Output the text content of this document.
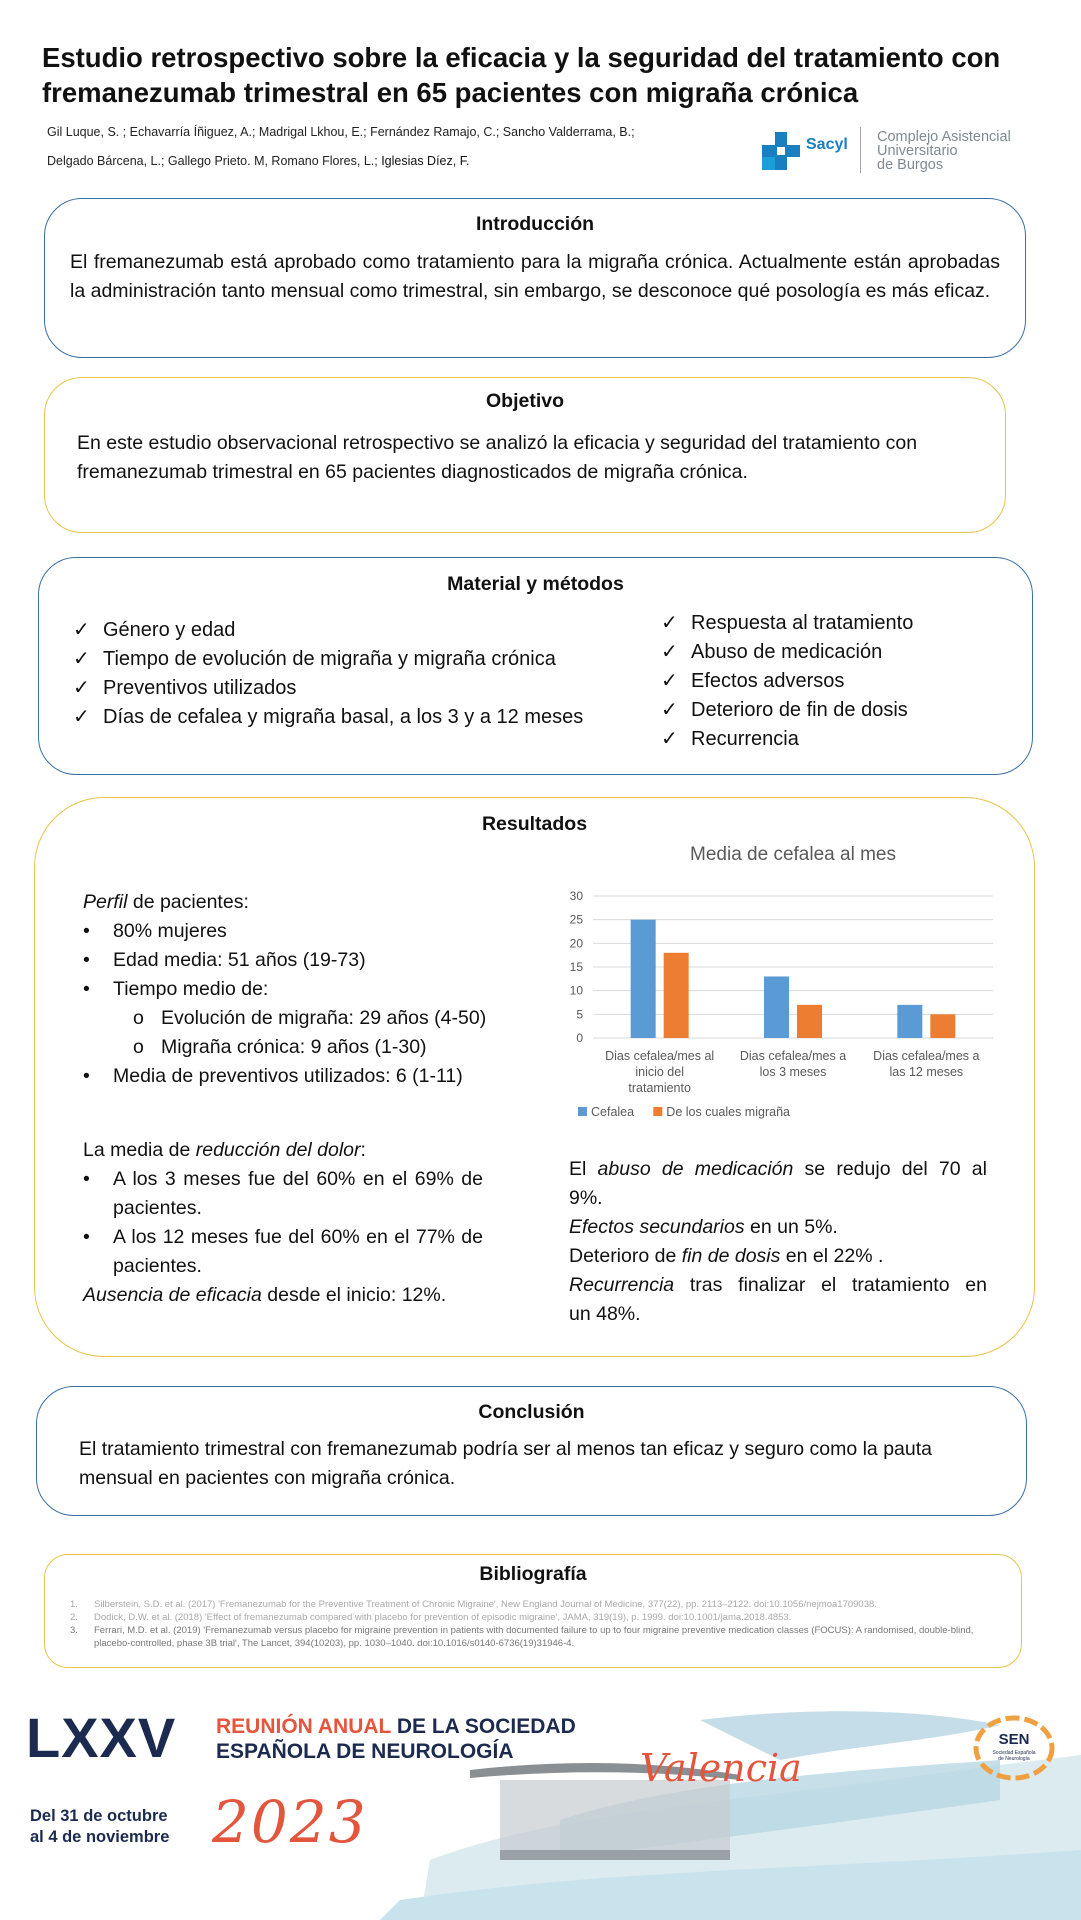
Estudio retrospectivo sobre la eficacia y la seguridad del tratamiento con
fremanezumab trimestral en 65 pacientes con migraña crónica
Gil Luque, S. ; Echavarría Íñiguez, A.; Madrigal Lkhou, E.; Fernández Ramajo, C.; Sancho Valderrama, B.;
Delgado Bárcena, L.; Gallego Prieto. M, Romano Flores, L.; Iglesias Díez, F.
Sacyl Complejo Asistencial
Universitario
de Burgos
Introducción
El fremanezumab está aprobado como tratamiento para la migraña crónica. Actualmente están aprobadas la administración tanto mensual como trimestral, sin embargo, se desconoce qué posología es más eficaz.
Objetivo
En este estudio observacional retrospectivo se analizó la eficacia y seguridad del tratamiento con fremanezumab trimestral en 65 pacientes diagnosticados de migraña crónica.
Material y métodos
✓ Género y edad
✓ Tiempo de evolución de migraña y migraña crónica
✓ Preventivos utilizados
✓ Días de cefalea y migraña basal, a los 3 y a 12 meses
✓ Respuesta al tratamiento
✓ Abuso de medicación
✓ Efectos adversos
✓ Deterioro de fin de dosis
✓ Recurrencia
Resultados
Perfil de pacientes:
• 80% mujeres
• Edad media: 51 años (19-73)
• Tiempo medio de:
o Evolución de migraña: 29 años (4-50)
o Migraña crónica: 9 años (1-30)
• Media de preventivos utilizados: 6 (1-11)
La media de reducción del dolor:
• A los 3 meses fue del 60% en el 69% de
pacientes.
• A los 12 meses fue del 60% en el 77% de
pacientes.
Ausencia de eficacia desde el inicio: 12%.
El abuso de medicación se redujo del 70 al
9%.
Efectos secundarios en un 5%.
Deterioro de fin de dosis en el 22% .
Recurrencia tras finalizar el tratamiento en
un 48%.
Media de cefalea al mes
0
5
10
15
20
25
30
Dias cefalea/mes al
inicio del
tratamiento
Dias cefalea/mes a
los 3 meses
Dias cefalea/mes a
las 12 meses
Cefalea	De los cuales migraña
Conclusión
El tratamiento trimestral con fremanezumab podría ser al menos tan eficaz y seguro como la pauta mensual en pacientes con migraña crónica.
Bibliografía
1. Silberstein, S.D. et al. (2017) 'Fremanezumab for the Preventive Treatment of Chronic Migraine', New England Journal of Medicine, 377(22), pp. 2113–2122. doi:10.1056/nejmoa1709038.
2. Dodick, D.W. et al. (2018) 'Effect of fremanezumab compared with placebo for prevention of episodic migraine', JAMA, 319(19), p. 1999. doi:10.1001/jama.2018.4853.
3. Ferrari, M.D. et al. (2019) 'Fremanezumab versus placebo for migraine prevention in patients with documented failure to up to four migraine preventive medication classes (FOCUS): A randomised, double-blind, placebo-controlled, phase 3B trial', The Lancet, 394(10203), pp. 1030–1040. doi:10.1016/s0140-6736(19)31946-4.
LXXV REUNIÓN ANUAL DE LA SOCIEDAD
ESPAÑOLA DE NEUROLOGÍA
Del 31 de octubre
al 4 de noviembre 2023
Valencia
SEN
Sociedad Española
de Neurología
